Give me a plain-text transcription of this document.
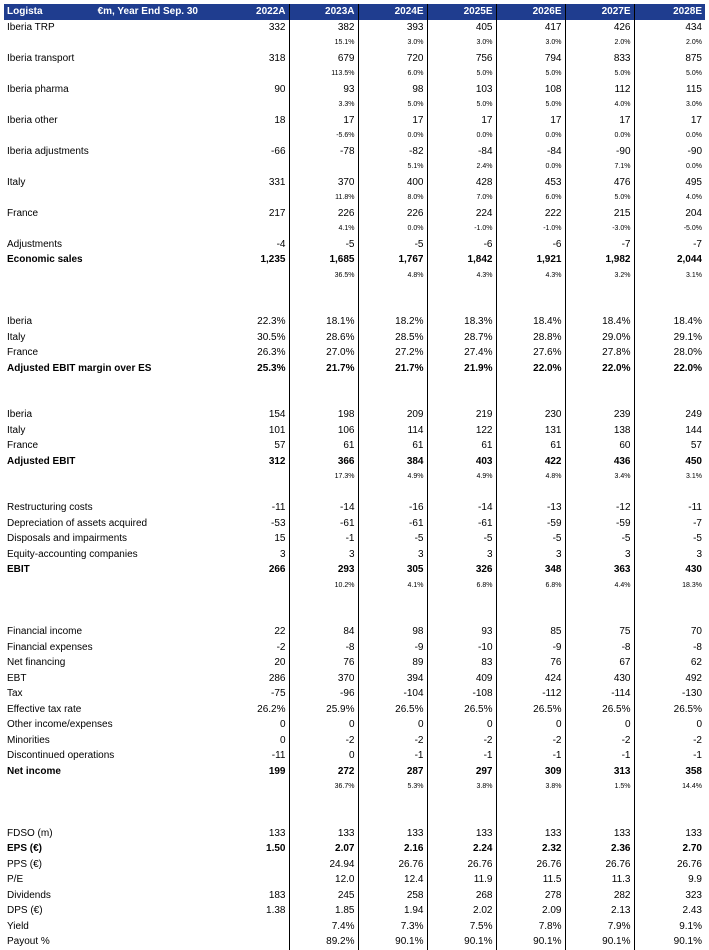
Logista €m, Year End Sep. 30	2022A	2023A	2024E	2025E	2026E	2027E	2028E
Iberia TRP	332	382	393	405	417	426	434
		15.1%	3.0%	3.0%	3.0%	2.0%	2.0%
Iberia transport	318	679	720	756	794	833	875
		113.5%	6.0%	5.0%	5.0%	5.0%	5.0%
Iberia pharma	90	93	98	103	108	112	115
		3.3%	5.0%	5.0%	5.0%	4.0%	3.0%
Iberia other	18	17	17	17	17	17	17
		-5.6%	0.0%	0.0%	0.0%	0.0%	0.0%
Iberia adjustments	-66	-78	-82	-84	-84	-90	-90
			5.1%	2.4%	0.0%	7.1%	0.0%
Italy	331	370	400	428	453	476	495
		11.8%	8.0%	7.0%	6.0%	5.0%	4.0%
France	217	226	226	224	222	215	204
		4.1%	0.0%	-1.0%	-1.0%	-3.0%	-5.0%
Adjustments	-4	-5	-5	-6	-6	-7	-7
Economic sales	1,235	1,685	1,767	1,842	1,921	1,982	2,044
		36.5%	4.8%	4.3%	4.3%	3.2%	3.1%

Iberia	22.3%	18.1%	18.2%	18.3%	18.4%	18.4%	18.4%
Italy	30.5%	28.6%	28.5%	28.7%	28.8%	29.0%	29.1%
France	26.3%	27.0%	27.2%	27.4%	27.6%	27.8%	28.0%
Adjusted EBIT margin over ES	25.3%	21.7%	21.7%	21.9%	22.0%	22.0%	22.0%

Iberia	154	198	209	219	230	239	249
Italy	101	106	114	122	131	138	144
France	57	61	61	61	61	60	57
Adjusted EBIT	312	366	384	403	422	436	450
		17.3%	4.9%	4.9%	4.8%	3.4%	3.1%

Restructuring costs	-11	-14	-16	-14	-13	-12	-11
Depreciation of assets acquired	-53	-61	-61	-61	-59	-59	-7
Disposals and impairments	15	-1	-5	-5	-5	-5	-5
Equity-accounting companies	3	3	3	3	3	3	3
EBIT	266	293	305	326	348	363	430
		10.2%	4.1%	6.8%	6.8%	4.4%	18.3%

Financial income	22	84	98	93	85	75	70
Financial expenses	-2	-8	-9	-10	-9	-8	-8
Net financing	20	76	89	83	76	67	62
EBT	286	370	394	409	424	430	492
Tax	-75	-96	-104	-108	-112	-114	-130
Effective tax rate	26.2%	25.9%	26.5%	26.5%	26.5%	26.5%	26.5%
Other income/expenses	0	0	0	0	0	0	0
Minorities	0	-2	-2	-2	-2	-2	-2
Discontinued operations	-11	0	-1	-1	-1	-1	-1
Net income	199	272	287	297	309	313	358
		36.7%	5.3%	3.8%	3.8%	1.5%	14.4%

FDSO (m)	133	133	133	133	133	133	133
EPS (€)	1.50	2.07	2.16	2.24	2.32	2.36	2.70
PPS (€)		24.94	26.76	26.76	26.76	26.76	26.76
P/E		12.0	12.4	11.9	11.5	11.3	9.9
Dividends	183	245	258	268	278	282	323
DPS (€)	1.38	1.85	1.94	2.02	2.09	2.13	2.43
Yield		7.4%	7.3%	7.5%	7.8%	7.9%	9.1%
Payout %		89.2%	90.1%	90.1%	90.1%	90.1%	90.1%
